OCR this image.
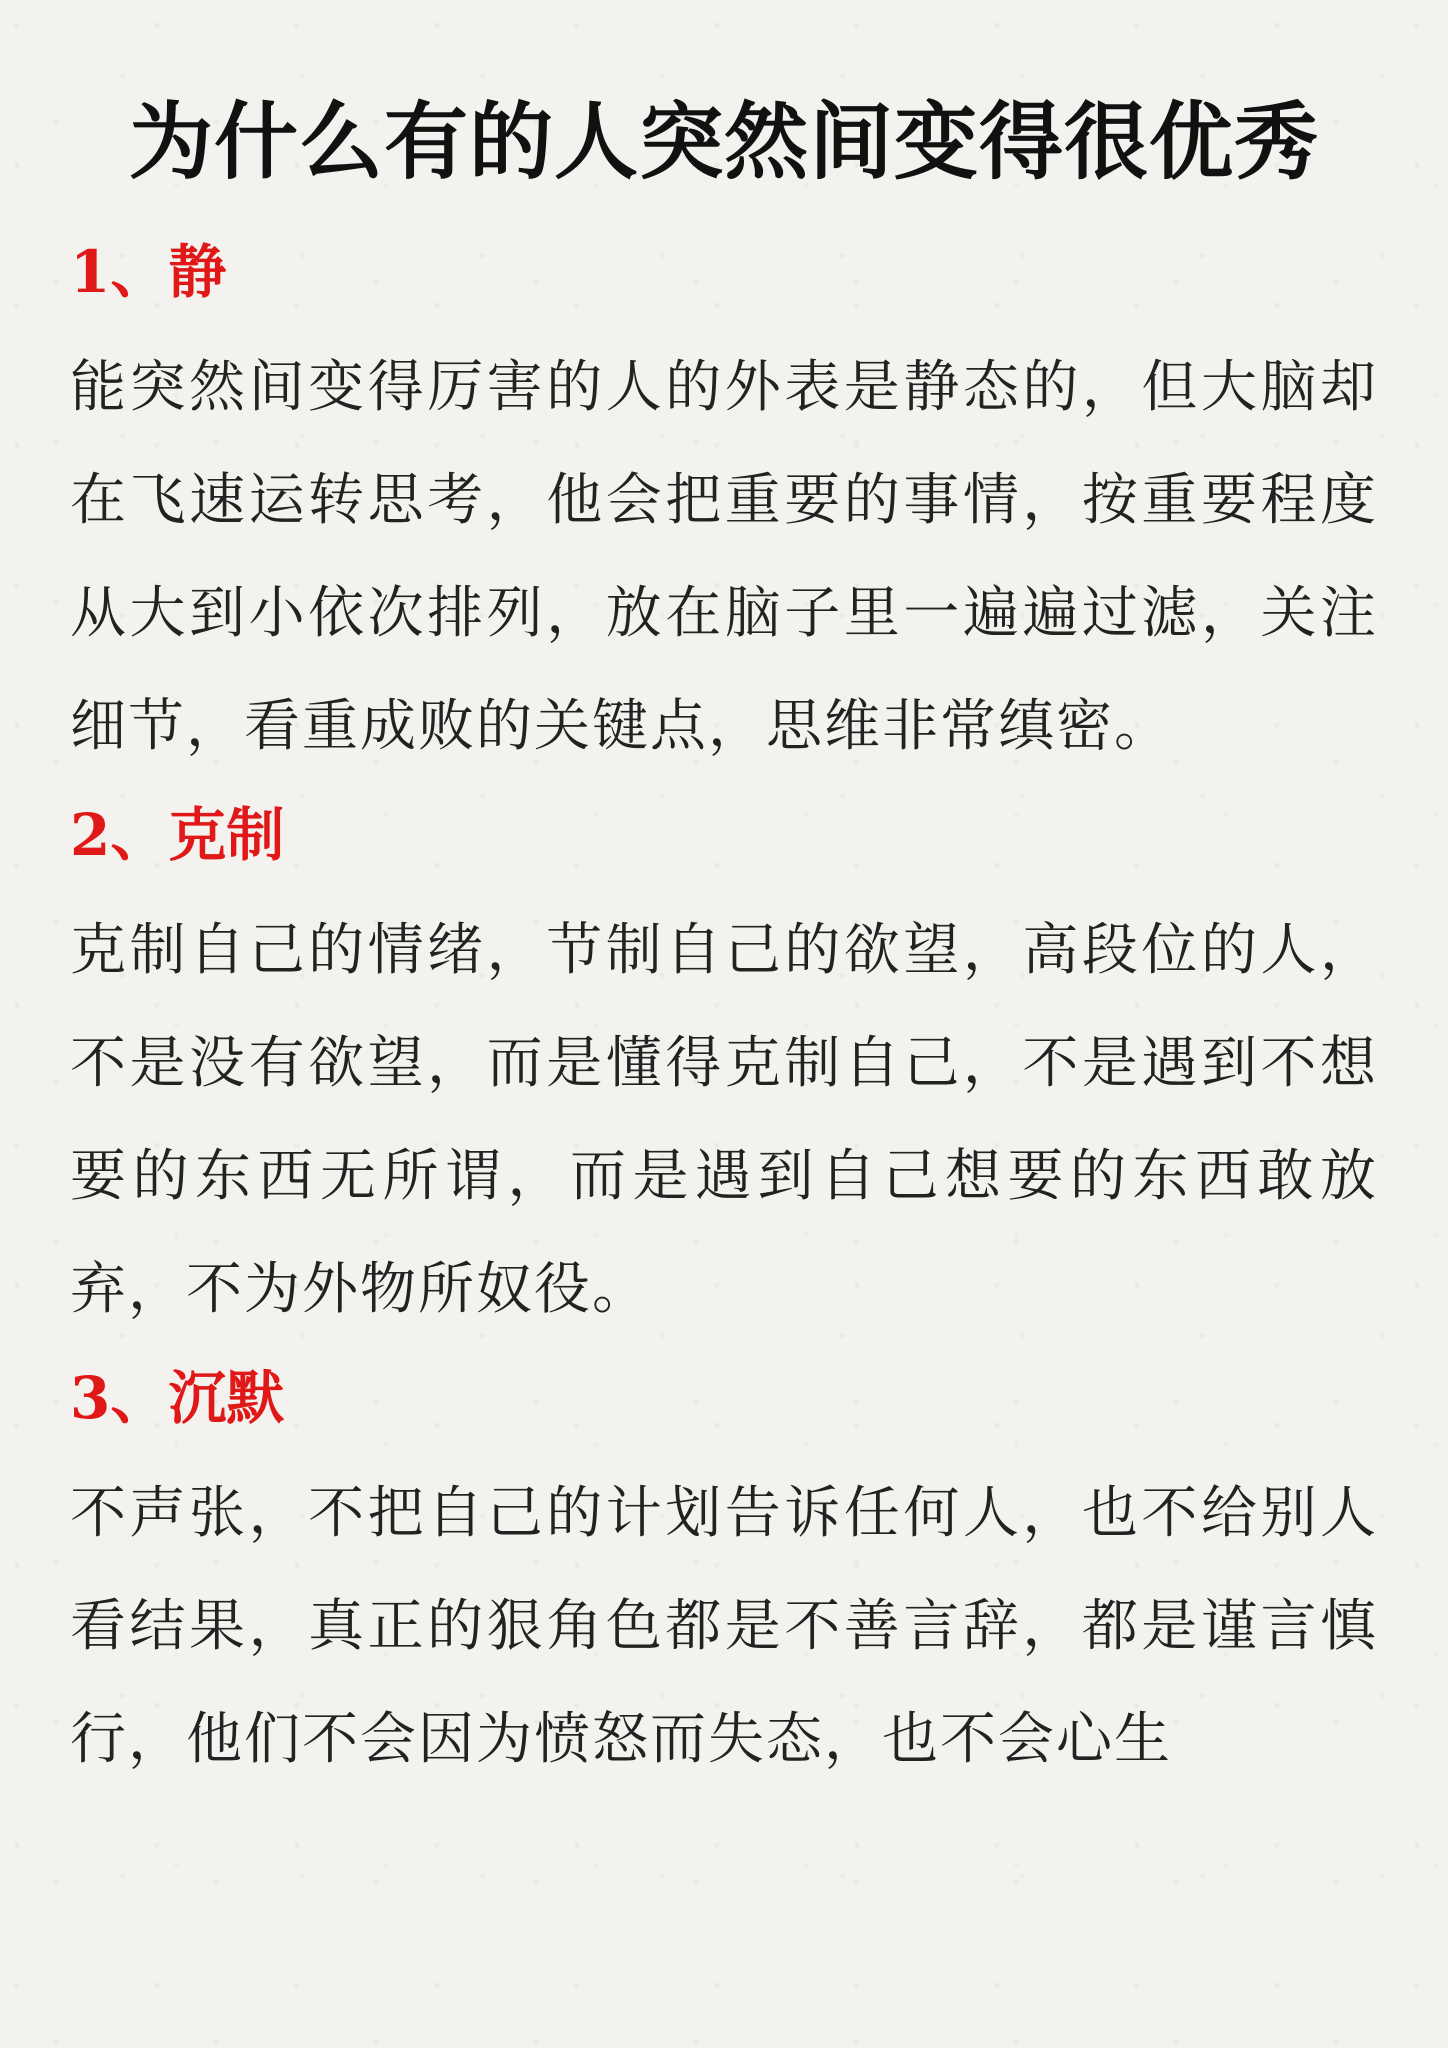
为什么有的人突然间变得很优秀
1、静

能突然间变得厉害的人的外表是静态的，但大脑却在飞速运转思考，他会把重要的事情，按重要程度从大到小依次排列，放在脑子里一遍遍过滤，关注细节，看重成败的关键点，思维非常缜密。

2、克制

克制自己的情绪，节制自己的欲望，高段位的人，不是没有欲望，而是懂得克制自己，不是遇到不想要的东西无所谓，而是遇到自己想要的东西敢放弃，不为外物所奴役。

3、沉默

不声张，不把自己的计划告诉任何人，也不给别人看结果，真正的狠角色都是不善言辞，都是谨言慎行，他们不会因为愤怒而失态，也不会心生
